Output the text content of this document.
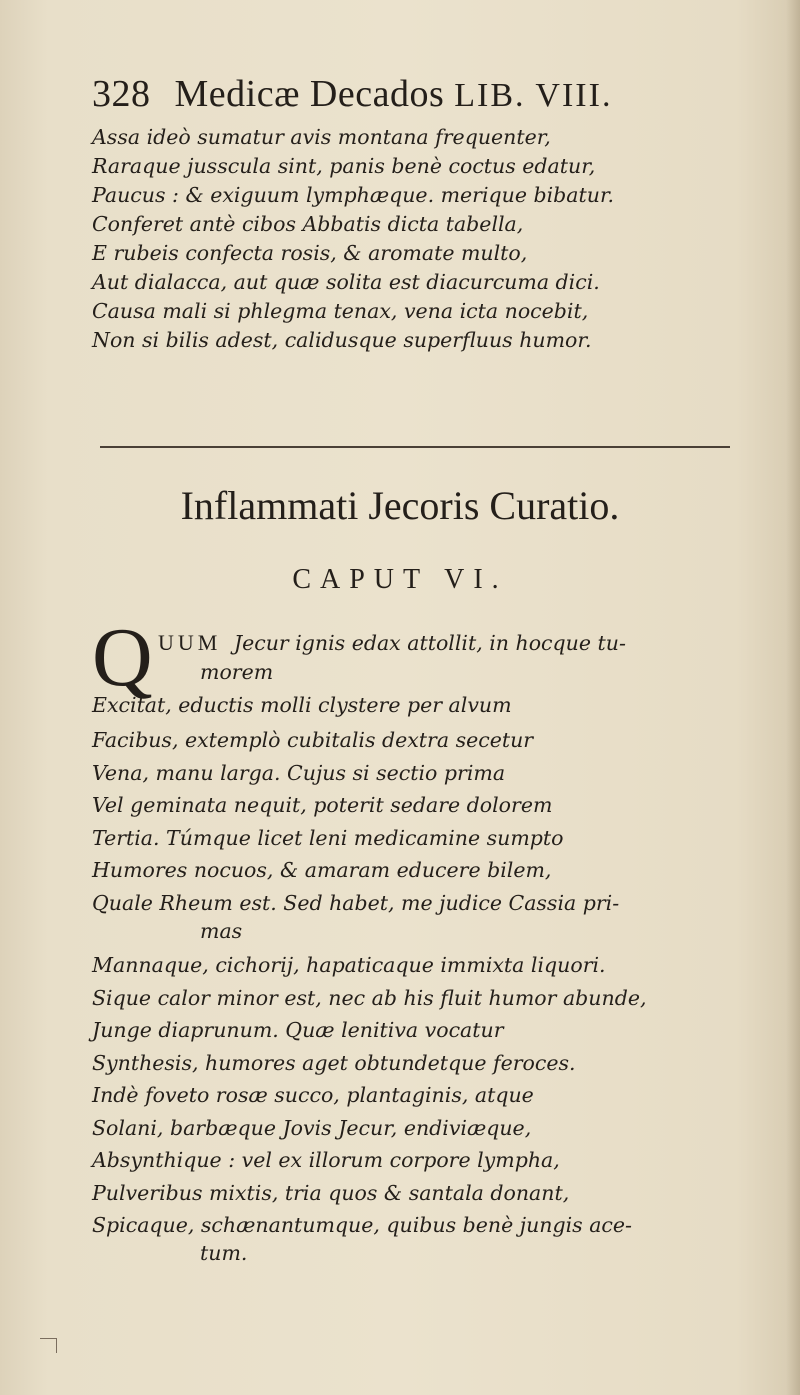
328 Medicæ Decados LIB. VIII.
Assa ideò sumatur avis montana frequenter,
Raraque jusscula sint, panis benè coctus edatur,
Paucus : & exiguum lymphæque. merique bibatur.
Conferet antè cibos Abbatis dicta tabella,
E rubeis confecta rosis, & aromate multo,
Aut dialacca, aut quæ solita est diacurcuma dici.
Causa mali si phlegma tenax, vena icta nocebit,
Non si bilis adest, calidusque superfluus humor.
Inflammati Jecoris Curatio.
CAPUT VI.
Q UUM Jecur ignis edax attollit, in hocque tu-
morem
Excitat, eductis molli clystere per alvum
Facibus, extemplò cubitalis dextra secetur
Vena, manu larga. Cujus si sectio prima
Vel geminata nequit, poterit sedare dolorem
Tertia. Túmque licet leni medicamine sumpto
Humores nocuos, & amaram educere bilem,
Quale Rheum est. Sed habet, me judice Cassia pri-
mas
Mannaque, cichorij, hapaticaque immixta liquori.
Sique calor minor est, nec ab his fluit humor abunde,
Junge diaprunum. Quæ lenitiva vocatur
Synthesis, humores aget obtundetque feroces.
Indè foveto rosæ succo, plantaginis, atque
Solani, barbæque Jovis Jecur, endiviæque,
Absynthique : vel ex illorum corpore lympha,
Pulveribus mixtis, tria quos & santala donant,
Spicaque, schænantumque, quibus benè jungis ace-
tum.
